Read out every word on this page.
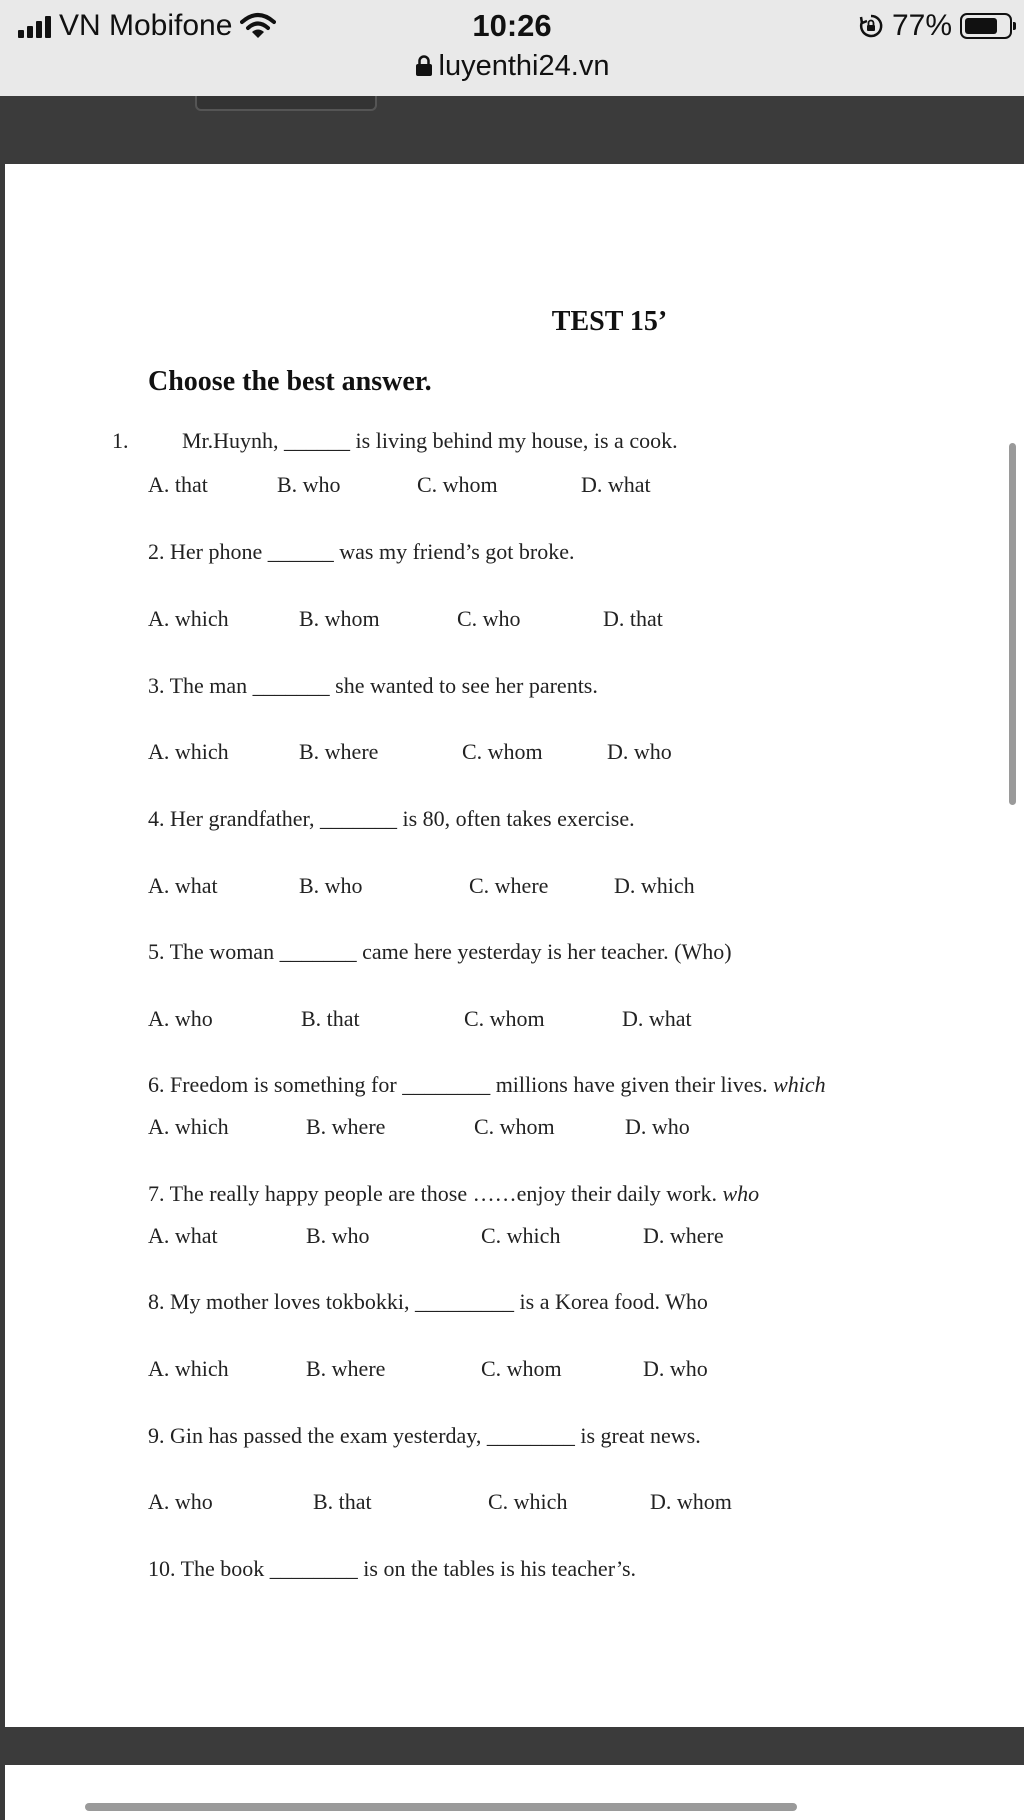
VN Mobifone	10:26	77%
luyenthi24.vn
TEST 15’
Choose the best answer.
1. Mr.Huynh, ______ is living behind my house, is a cook.
A. that	B. who	C. whom	D. what
2. Her phone ______ was my friend’s got broke.
A. which	B. whom	C. who	D. that
3. The man _______ she wanted to see her parents.
A. which	B. where	C. whom	D. who
4. Her grandfather, _______ is 80, often takes exercise.
A. what	B. who	C. where	D. which
5. The woman _______ came here yesterday is her teacher. (Who)
A. who	B. that	C. whom	D. what
6. Freedom is something for ________ millions have given their lives. which
A. which	B. where	C. whom	D. who
7. The really happy people are those ……enjoy their daily work. who
A. what	B. who	C. which	D. where
8. My mother loves tokbokki, _________ is a Korea food. Who
A. which	B. where	C. whom	D. who
9. Gin has passed the exam yesterday, ________ is great news.
A. who	B. that	C. which	D. whom
10. The book ________ is on the tables is his teacher’s.
